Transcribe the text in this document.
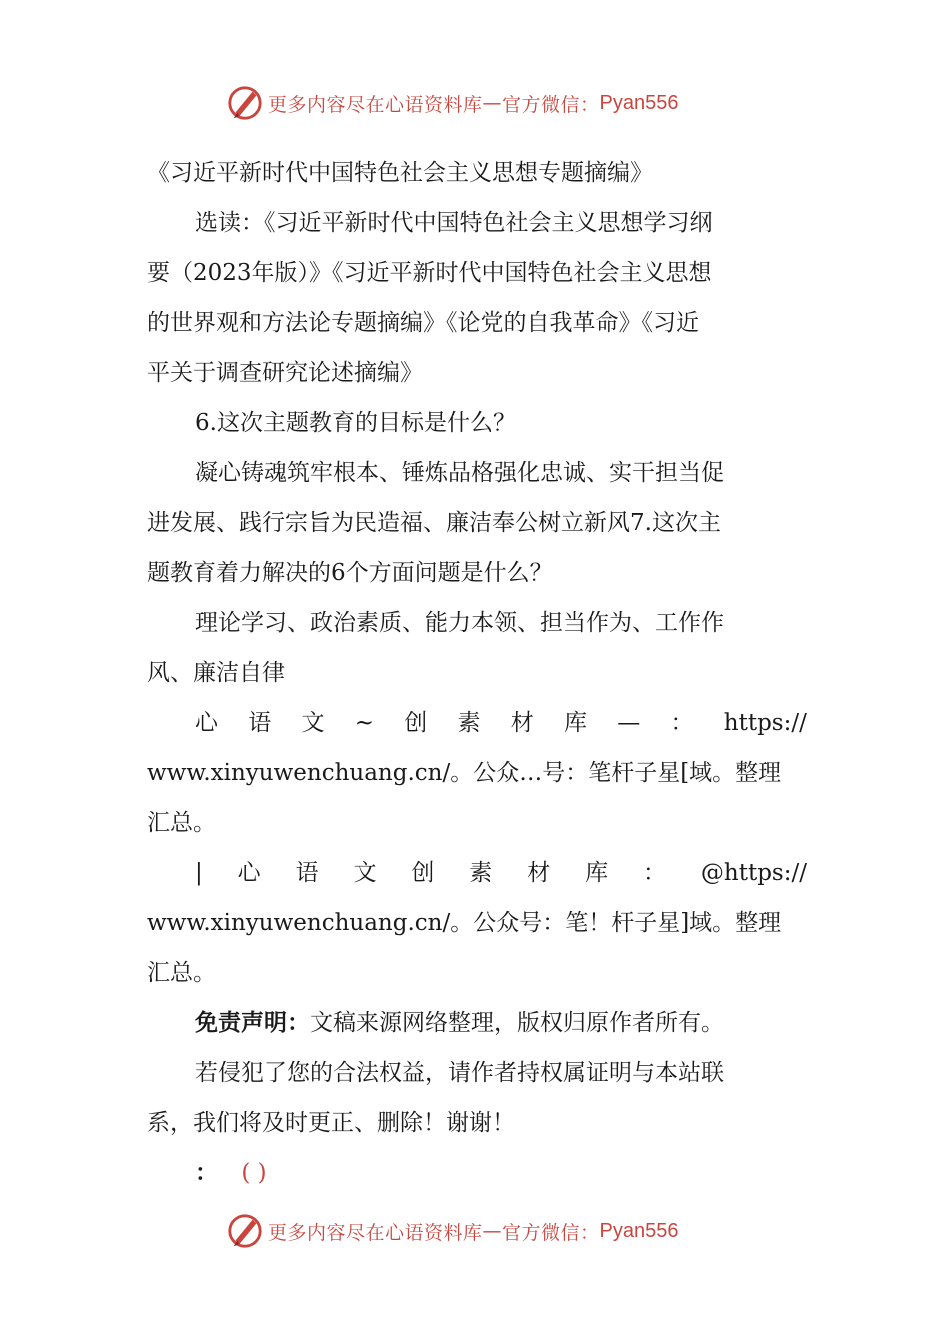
更多内容尽在心语资料库 — 官方微信： Pyan556
《习近平新时代中国特色社会主义思想专题摘编》
选读：《习近平新时代中国特色社会主义思想学习纲
要（2023年版）》《习近平新时代中国特色社会主义思想
的世界观和方法论专题摘编》《论党的自我革命》《习近
平关于调查研究论述摘编》
6.这次主题教育的目标是什么？
凝心铸魂筑牢根本、锤炼品格强化忠诚、实干担当促
进发展、践行宗旨为民造福、廉洁奉公树立新风7.这次主
题教育着力解决的6个方面问题是什么？
理论学习、政治素质、能力本领、担当作为、工作作
风、廉洁自律
心 语 文 ~ 创 素 材 库 — ： https://
www.xinyuwenchuang.cn/。公众…号：笔杆子星[域。整理
汇总。
| 心 语 文 创 素 材 库 ： @https://
www.xinyuwenchuang.cn/。公众号：笔！杆子星]域。整理
汇总。
免责声明：文稿来源网络整理，版权归原作者所有。
若侵犯了您的合法权益，请作者持权属证明与本站联
系，我们将及时更正、删除！谢谢！
： ( )
更多内容尽在心语资料库 — 官方微信： Pyan556
